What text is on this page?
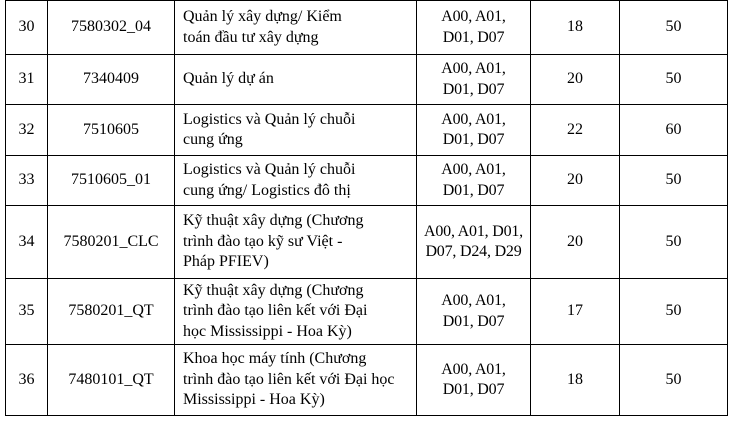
30	7580302_04	Quản lý xây dựng/ Kiểm
toán đầu tư xây dựng	A00, A01,
D01, D07	18	50
31	7340409	Quản lý dự án	A00, A01,
D01, D07	20	50
32	7510605	Logistics và Quản lý chuỗi
cung ứng	A00, A01,
D01, D07	22	60
33	7510605_01	Logistics và Quản lý chuỗi
cung ứng/ Logistics đô thị	A00, A01,
D01, D07	20	50
34	7580201_CLC	Kỹ thuật xây dựng (Chương
trình đào tạo kỹ sư Việt -
Pháp PFIEV)	A00, A01, D01,
D07, D24, D29	20	50
35	7580201_QT	Kỹ thuật xây dựng (Chương
trình đào tạo liên kết với Đại
học Mississippi - Hoa Kỳ)	A00, A01,
D01, D07	17	50
36	7480101_QT	Khoa học máy tính (Chương
trình đào tạo liên kết với Đại học
Mississippi - Hoa Kỳ)	A00, A01,
D01, D07	18	50
